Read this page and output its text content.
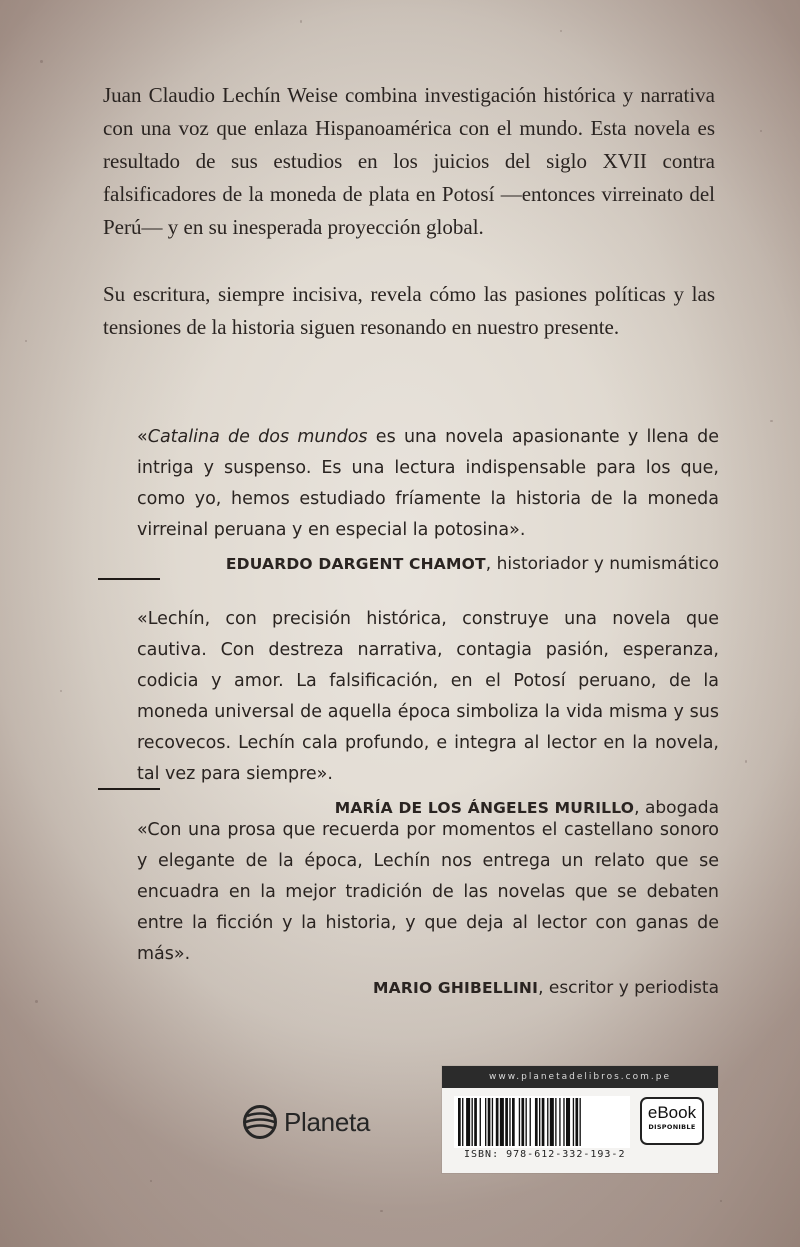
Juan Claudio Lechín Weise combina investigación histórica y narrativa con una voz que enlaza Hispanoamérica con el mundo. Esta novela es resultado de sus estudios en los juicios del siglo XVII contra falsificadores de la moneda de plata en Potosí —entonces virreinato del Perú— y en su inesperada proyección global.

Su escritura, siempre incisiva, revela cómo las pasiones políticas y las tensiones de la historia siguen resonando en nuestro presente.

«Catalina de dos mundos es una novela apasionante y llena de intriga y suspenso. Es una lectura indispensable para los que, como yo, hemos estudiado fríamente la historia de la moneda virreinal peruana y en especial la potosina».

EDUARDO DARGENT CHAMOT, historiador y numismático

«Lechín, con precisión histórica, construye una novela que cautiva. Con destreza narrativa, contagia pasión, esperanza, codicia y amor. La falsificación, en el Potosí peruano, de la moneda universal de aquella época simboliza la vida misma y sus recovecos. Lechín cala profundo, e integra al lector en la novela, tal vez para siempre».

MARÍA DE LOS ÁNGELES MURILLO, abogada

«Con una prosa que recuerda por momentos el castellano sonoro y elegante de la época, Lechín nos entrega un relato que se encuadra en la mejor tradición de las novelas que se debaten entre la ficción y la historia, y que deja al lector con ganas de más».

MARIO GHIBELLINI, escritor y periodista

Planeta
www.planetadelibros.com.pe
ISBN: 978-612-332-193-2
eBook
DISPONIBLE
